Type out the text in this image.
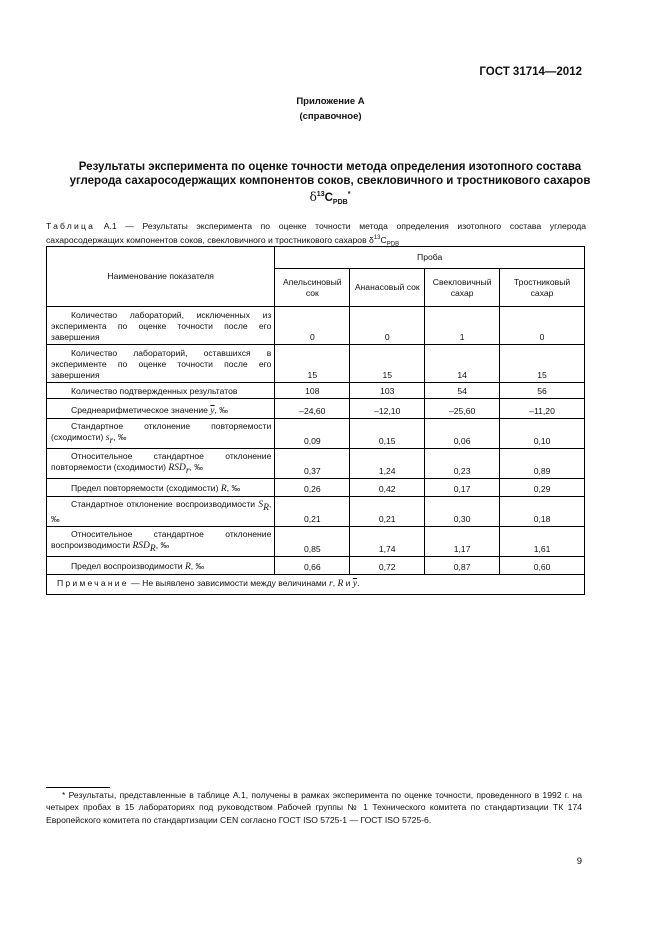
ГОСТ 31714—2012
Приложение А
(справочное)
Результаты эксперимента по оценке точности метода определения изотопного состава
углерода сахаросодержащих компонентов соков, свекловичного и тростникового сахаров
$\delta^{13}C_{PDB}^*$
Таблица А.1 — Результаты эксперимента по оценке точности метода определения изотопного состава углерода сахаросодержащих компонентов соков, свекловичного и тростникового сахаров $\delta^{13}C_{PDB}$
Наименование показателя	Проба			
	Апельсиновый сок	Ананасовый сок	Свекловичный сахар	Тростниковый сахар
Количество лабораторий, исключенных из эксперимента по оценке точности после его завершения	0	0	1	0
Количество лабораторий, оставшихся в эксперименте по оценке точности после его завершения	15	15	14	15
Количество подтвержденных результатов	108	103	54	56
Среднеарифметическое значение $\overline{y}$, ‰	–24,60	–12,10	–25,60	–11,20
Стандартное отклонение повторяемости (сходимости) $s_r$, ‰	0,09	0,15	0,06	0,10
Относительное стандартное отклонение повторяемости (сходимости) $RSD_r$, ‰	0,37	1,24	0,23	0,89
Предел повторяемости (сходимости) R, ‰	0,26	0,42	0,17	0,29
Стандартное отклонение воспроизводимости $S_R$, ‰	0,21	0,21	0,30	0,18
Относительное стандартное отклонение воспроизводимости $RSD_R$, ‰	0,85	1,74	1,17	1,61
Предел воспроизводимости R, ‰	0,66	0,72	0,87	0,60
Примечание — Не выявлено зависимости между величинами r, R и $\overline{y}$.				
* Результаты, представленные в таблице А.1, получены в рамках эксперимента по оценке точности, проведенного в 1992 г. на четырех пробах в 15 лабораториях под руководством Рабочей группы № 1 Технического комитета по стандартизации ТК 174 Европейского комитета по стандартизации CEN согласно ГОСТ ISO 5725-1 — ГОСТ ISO 5725-6.
9
